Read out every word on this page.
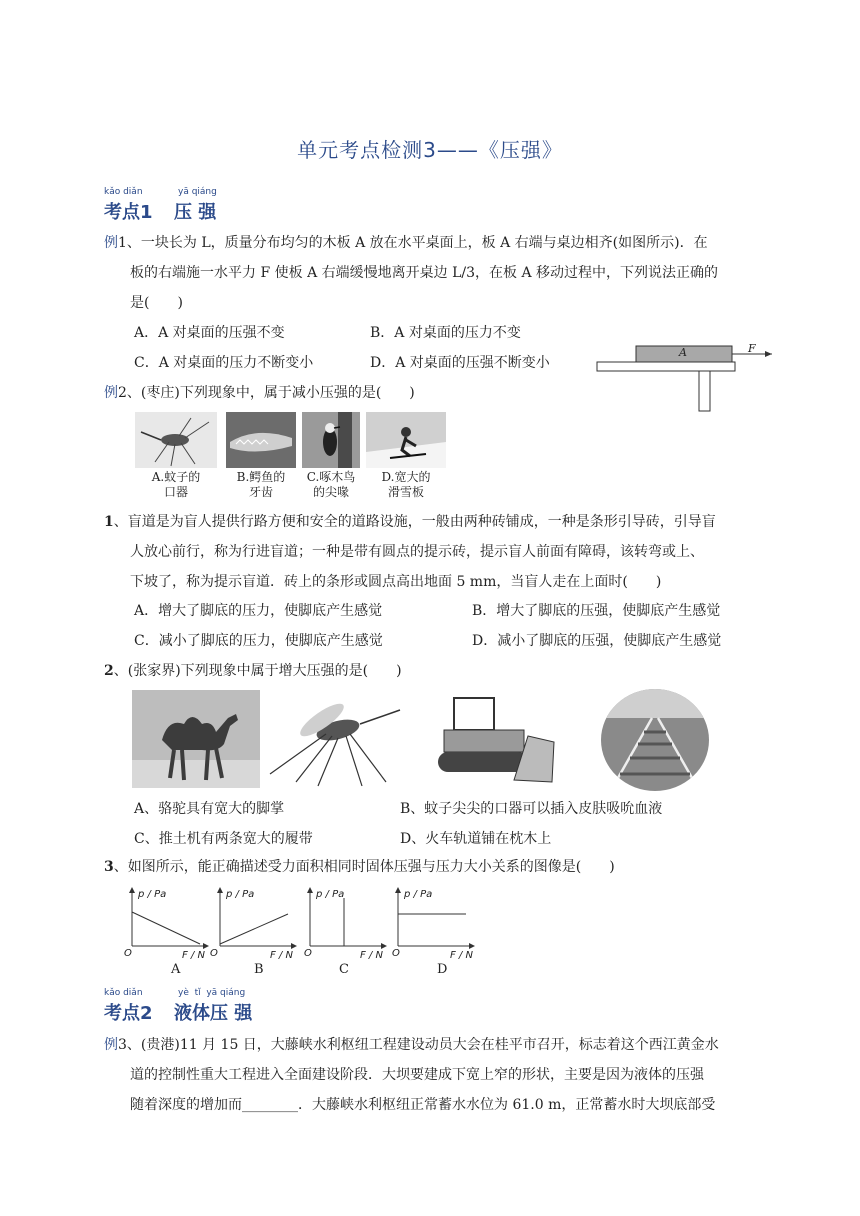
单元考点检测3——《压强》
kǎo diǎn	yā qiáng
考点1 压 强
例1、一块长为 L，质量分布均匀的木板 A 放在水平桌面上，板 A 右端与桌边相齐(如图所示)．在
板的右端施一水平力 F 使板 A 右端缓慢地离开桌边 L/3，在板 A 移动过程中，下列说法正确的
是(　　)
A．A 对桌面的压强不变	B．A 对桌面的压力不变
C．A 对桌面的压力不断变小	D．A 对桌面的压强不断变小
A	F
例2、(枣庄)下列现象中，属于减小压强的是(　　)
A.蚊子的
口器
B.鳄鱼的
牙齿
C.啄木鸟
的尖喙
D.宽大的
滑雪板
1、盲道是为盲人提供行路方便和安全的道路设施，一般由两种砖铺成，一种是条形引导砖，引导盲
人放心前行，称为行进盲道；一种是带有圆点的提示砖，提示盲人前面有障碍，该转弯或上、
下坡了，称为提示盲道．砖上的条形或圆点高出地面 5 mm，当盲人走在上面时(　　)
A．增大了脚底的压力，使脚底产生感觉	B．增大了脚底的压强，使脚底产生感觉
C．减小了脚底的压力，使脚底产生感觉	D．减小了脚底的压强，使脚底产生感觉
2、(张家界)下列现象中属于增大压强的是(　　)
A、骆驼具有宽大的脚掌	B、蚊子尖尖的口器可以插入皮肤吸吮血液
C、推土机有两条宽大的履带	D、火车轨道铺在枕木上
3、如图所示，能正确描述受力面积相同时固体压强与压力大小关系的图像是(　　)
p / Pa	p / Pa	p / Pa	p / Pa
O	O	O	O
F / N	F / N	F / N	F / N
A	B	C	D
kǎo diǎn	yè  tǐ  yā qiáng
考点2 液体压 强
例3、(贵港)11 月 15 日，大藤峡水利枢纽工程建设动员大会在桂平市召开，标志着这个西江黄金水
道的控制性重大工程进入全面建设阶段．大坝要建成下宽上窄的形状，主要是因为液体的压强
随着深度的增加而________．大藤峡水利枢纽正常蓄水水位为 61.0 m，正常蓄水时大坝底部受
